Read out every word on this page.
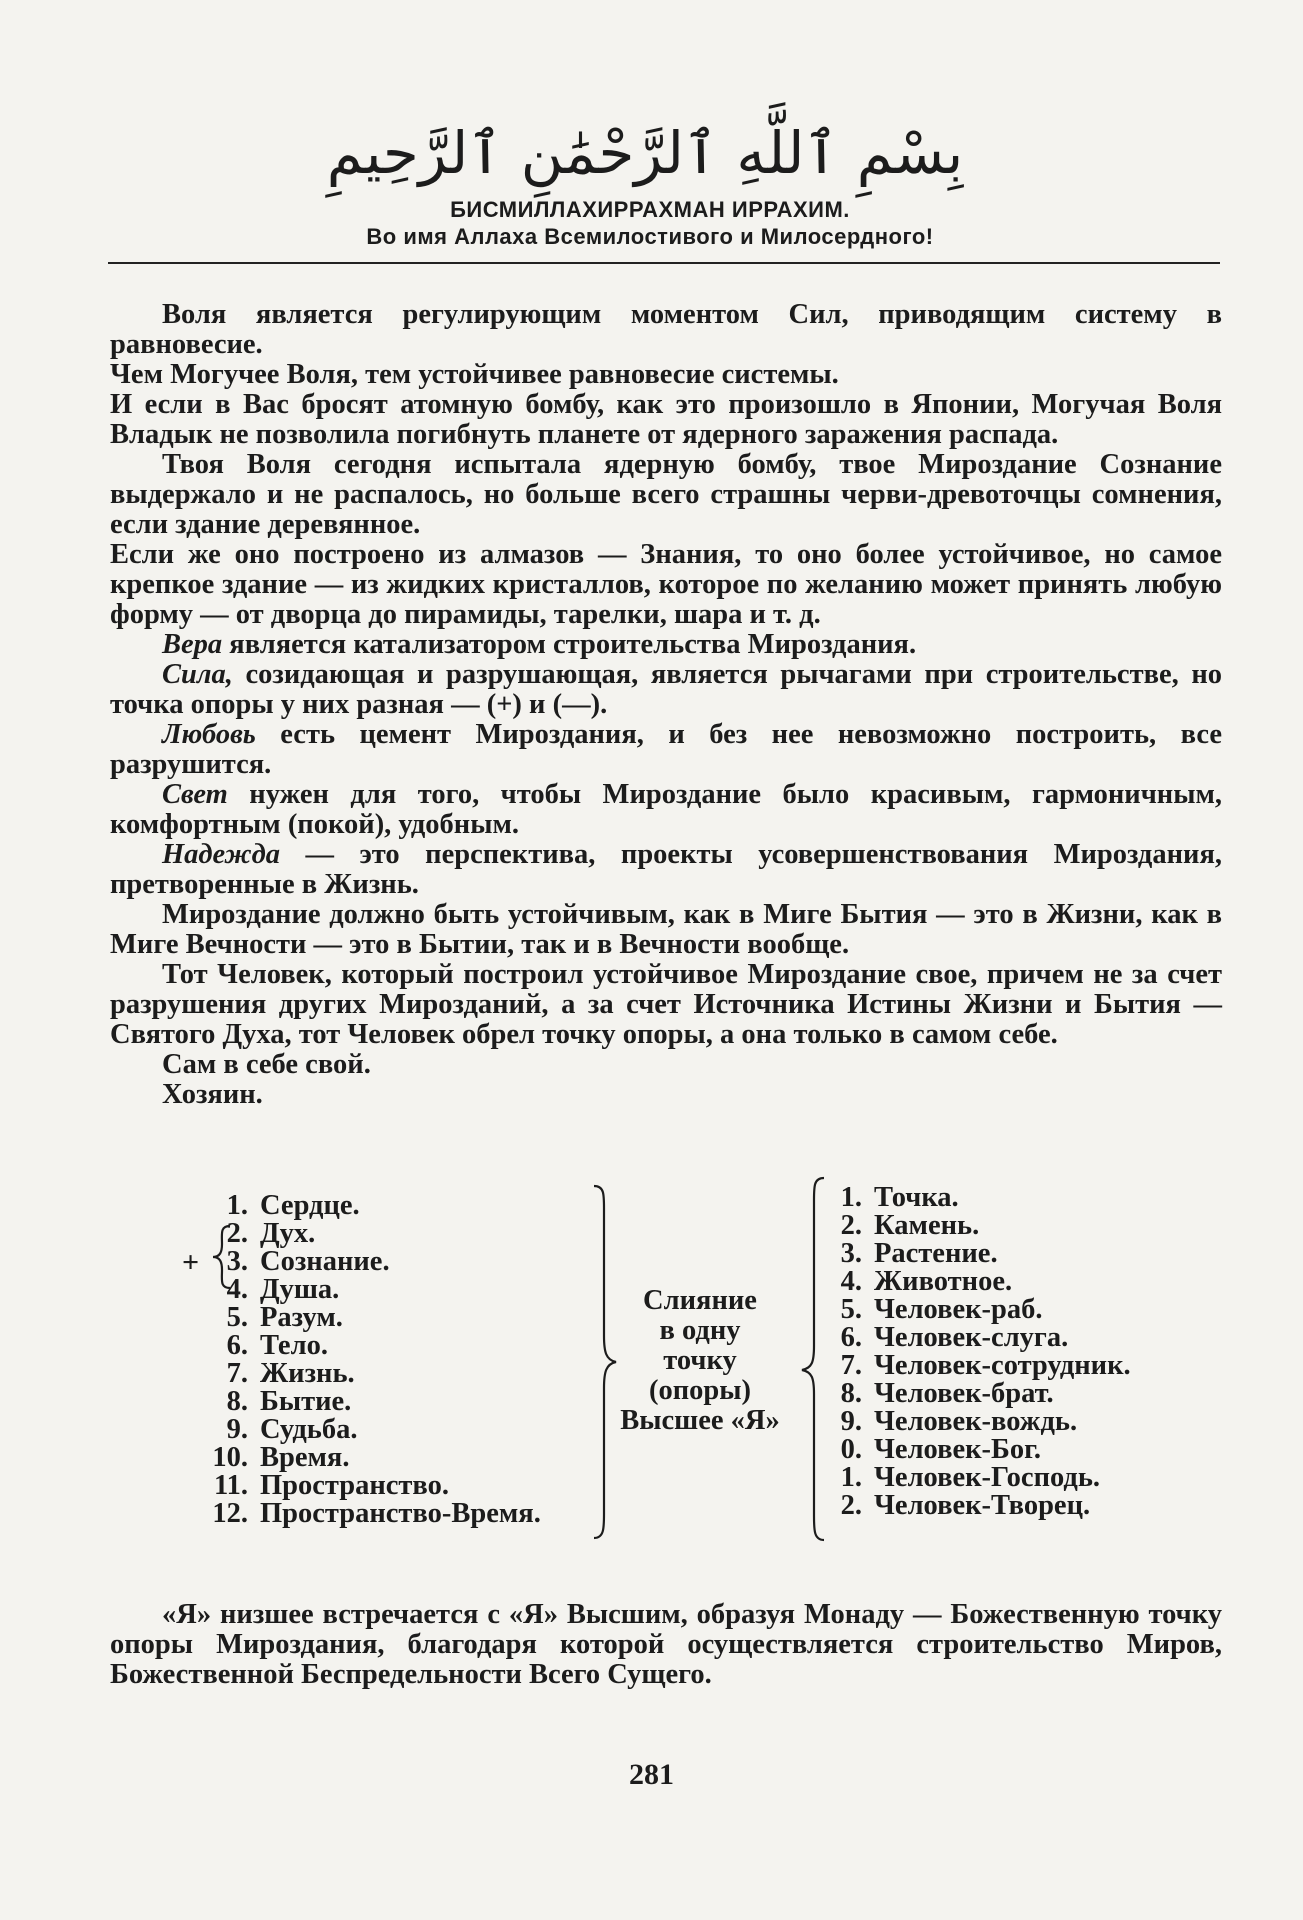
بِسْمِ ٱللَّهِ ٱلرَّحْمَٰنِ ٱلرَّحِيمِ
БИСМИЛЛАХИРРАХМАН ИРРАХИМ.
Во имя Аллаха Всемилостивого и Милосердного!

Воля является регулирующим моментом Сил, приводящим систему в равновесие.

Чем Могучее Воля, тем устойчивее равновесие системы.

И если в Вас бросят атомную бомбу, как это произошло в Японии, Могучая Воля Владык не позволила погибнуть планете от ядерного заражения распада.

Твоя Воля сегодня испытала ядерную бомбу, твое Мироздание Сознание выдержало и не распалось, но больше всего страшны черви-древоточцы сомнения, если здание деревянное.

Если же оно построено из алмазов — Знания, то оно более устойчивое, но самое крепкое здание — из жидких кристаллов, которое по желанию может принять любую форму — от дворца до пирамиды, тарелки, шара и т. д.

Вера является катализатором строительства Мироздания.

Сила, созидающая и разрушающая, является рычагами при строительстве, но точка опоры у них разная — (+) и (—).

Любовь есть цемент Мироздания, и без нее невозможно построить, все разрушится.

Свет нужен для того, чтобы Мироздание было красивым, гармоничным, комфортным (покой), удобным.

Надежда — это перспектива, проекты усовершенствования Мироздания, претворенные в Жизнь.

Мироздание должно быть устойчивым, как в Миге Бытия — это в Жизни, как в Миге Вечности — это в Бытии, так и в Вечности вообще.

Тот Человек, который построил устойчивое Мироздание свое, причем не за счет разрушения других Мирозданий, а за счет Источника Истины Жизни и Бытия — Святого Духа, тот Человек обрел точку опоры, а она только в самом себе.

Сам в себе свой.

Хозяин.

1. Сердце.
2. Дух.
3. Сознание.
4. Душа.
5. Разум.
6. Тело.
7. Жизнь.
8. Бытие.
9. Судьба.
10. Время.
11. Пространство.
12. Пространство-Время.
+
Слияние
в одну
точку
(опоры)
Высшее «Я»
1. Точка.
2. Камень.
3. Растение.
4. Животное.
5. Человек-раб.
6. Человек-слуга.
7. Человек-сотрудник.
8. Человек-брат.
9. Человек-вождь.
0. Человек-Бог.
1. Человек-Господь.
2. Человек-Творец.

«Я» низшее встречается с «Я» Высшим, образуя Монаду — Божественную точку опоры Мироздания, благодаря которой осуществляется строительство Миров, Божественной Беспредельности Всего Сущего.

281
